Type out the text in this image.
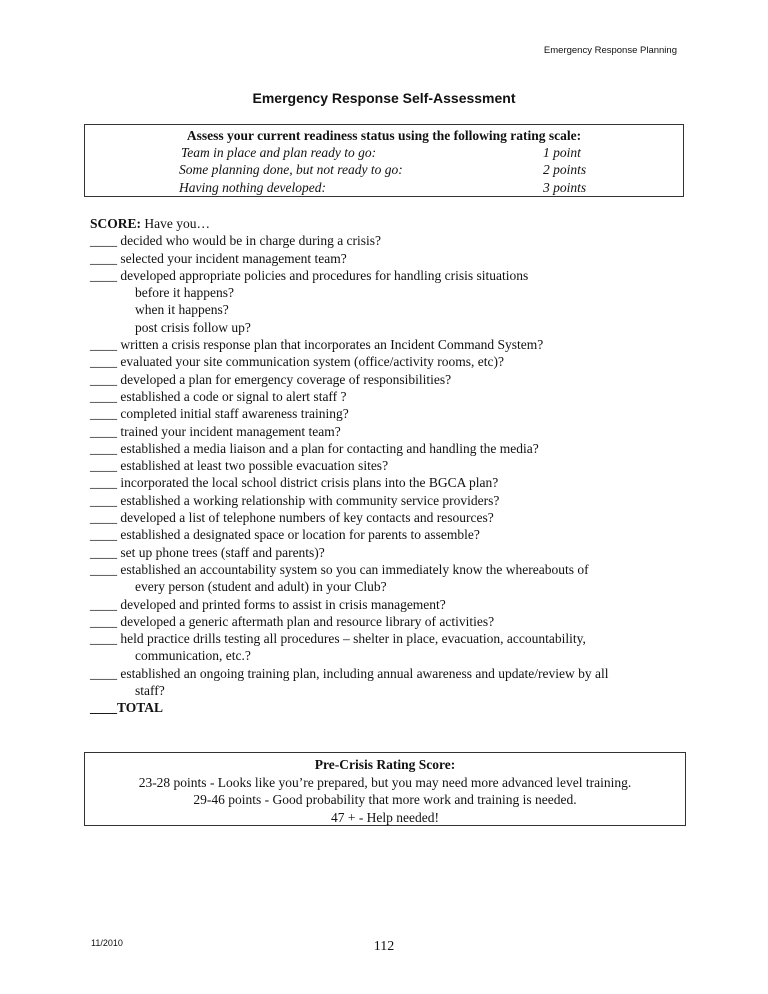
Emergency Response Planning
Emergency Response Self-Assessment
Assess your current readiness status using the following rating scale:
Team in place and plan ready to go:	1 point
Some planning done, but not ready to go:	2 points
Having nothing developed:	3 points
SCORE: Have you…
____ decided who would be in charge during a crisis?
____ selected your incident management team?
____ developed appropriate policies and procedures for handling crisis situations
before it happens?
when it happens?
post crisis follow up?
____ written a crisis response plan that incorporates an Incident Command System?
____ evaluated your site communication system (office/activity rooms, etc)?
____ developed a plan for emergency coverage of responsibilities?
____ established a code or signal to alert staff ?
____ completed initial staff awareness training?
____ trained your incident management team?
____ established a media liaison and a plan for contacting and handling the media?
____ established at least two possible evacuation sites?
____ incorporated the local school district crisis plans into the BGCA plan?
____ established a working relationship with community service providers?
____ developed a list of telephone numbers of key contacts and resources?
____ established a designated space or location for parents to assemble?
____ set up phone trees (staff and parents)?
____ established an accountability system so you can immediately know the whereabouts of
every person (student and adult) in your Club?
____ developed and printed forms to assist in crisis management?
____ developed a generic aftermath plan and resource library of activities?
____ held practice drills testing all procedures – shelter in place, evacuation, accountability,
communication, etc.?
____ established an ongoing training plan, including annual awareness and update/review by all
staff?
____TOTAL
Pre-Crisis Rating Score:
23-28 points - Looks like you’re prepared, but you may need more advanced level training.
29-46 points - Good probability that more work and training is needed.
47 + - Help needed!
11/2010	112
